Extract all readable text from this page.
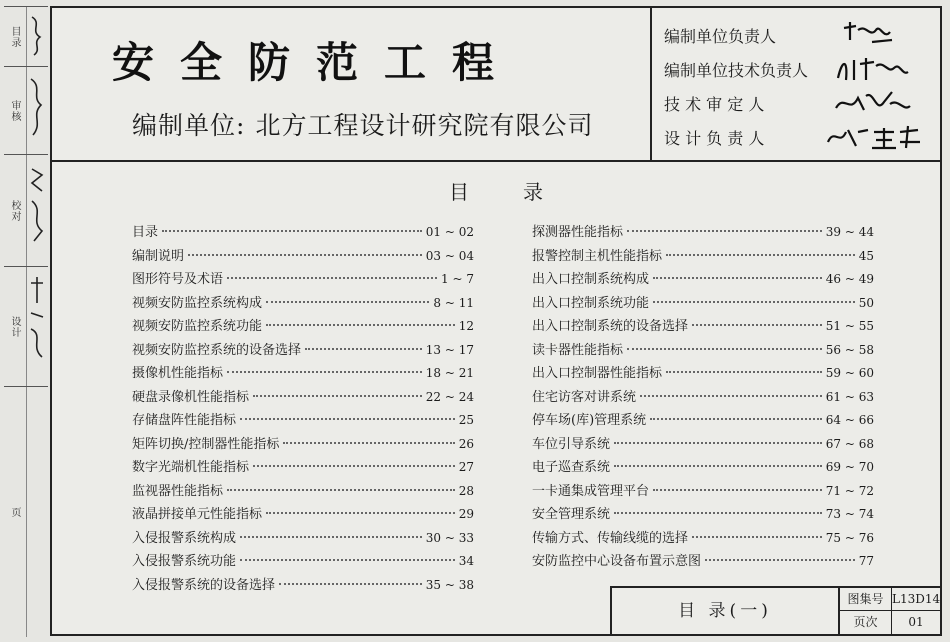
目录
审核
校对
设计
页
安全防范工程
编制单位: 北方工程设计研究院有限公司
编制单位负责人
编制单位技术负责人
技 术 审 定 人
设 计 负 责 人
目	录
目录	01 ~ 02
编制说明	03 ~ 04
图形符号及术语	1 ~ 7
视频安防监控系统构成	8 ~ 11
视频安防监控系统功能	12
视频安防监控系统的设备选择	13 ~ 17
摄像机性能指标	18 ~ 21
硬盘录像机性能指标	22 ~ 24
存储盘阵性能指标	25
矩阵切换/控制器性能指标	26
数字光端机性能指标	27
监视器性能指标	28
液晶拼接单元性能指标	29
入侵报警系统构成	30 ~ 33
入侵报警系统功能	34
入侵报警系统的设备选择	35 ~ 38
探测器性能指标	39 ~ 44
报警控制主机性能指标	45
出入口控制系统构成	46 ~ 49
出入口控制系统功能	50
出入口控制系统的设备选择	51 ~ 55
读卡器性能指标	56 ~ 58
出入口控制器性能指标	59 ~ 60
住宅访客对讲系统	61 ~ 63
停车场(库)管理系统	64 ~ 66
车位引导系统	67 ~ 68
电子巡查系统	69 ~ 70
一卡通集成管理平台	71 ~ 72
安全管理系统	73 ~ 74
传输方式、传输线缆的选择	75 ~ 76
安防监控中心设备布置示意图	77
目 录(一)
图集号 L13D14
页次	01
